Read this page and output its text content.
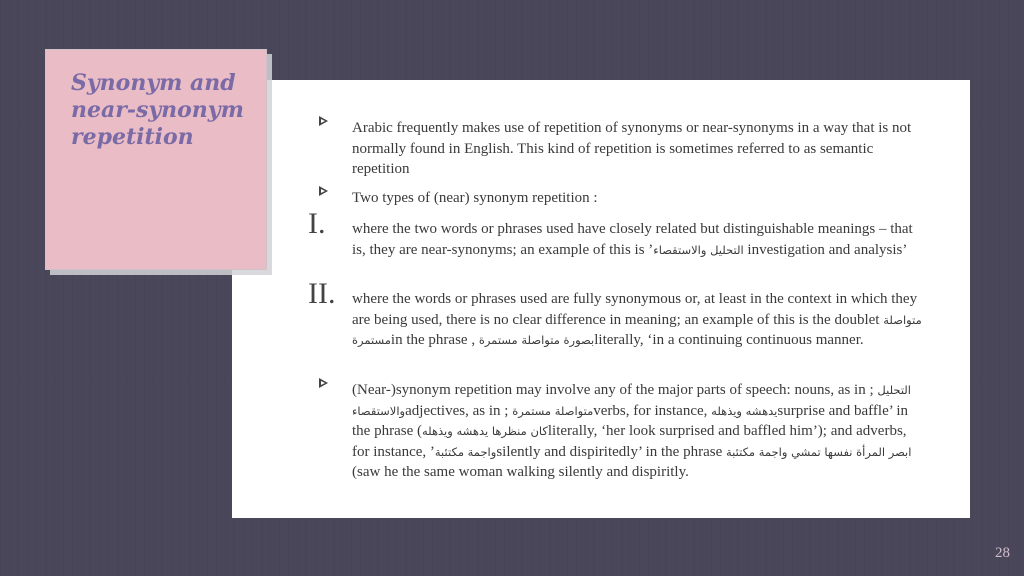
Synonym and near-synonym repetition	Arabic frequently makes use of repetition of synonyms or near-synonyms in a way that is not normally found in English. This kind of repetition is sometimes referred to as semantic repetition
Two types of (near) synonym repetition :
I. where the two words or phrases used have closely related but distinguishable meanings – that is, they are near-synonyms; an example of this is ’التحليل والاستقصاء investigation and analysis’
II. where the words or phrases used are fully synonymous or, at least in the context in which they are being used, there is no clear difference in meaning; an example of this is the doublet متواصلة مستمرةin the phrase , بصورة متواصلة مستمرةliterally, ‘in a continuing continuous manner.
(Near-)synonym repetition may involve any of the major parts of speech: nouns, as in ; التحليل والاستقصاءadjectives, as in ; متواصلة مستمرةverbs, for instance, يدهشه ويذهلهsurprise and baffle’ in the phrase (كان منظرها يدهشه ويذهلهliterally, ‘her look surprised and baffled him’); and adverbs, for instance, ’واجمة مكتئبةsilently and dispiritedly’ in the phrase ابصر المرأة نفسها تمشي واجمة مكتئبة (saw he the same woman walking silently and dispiritly.
28
